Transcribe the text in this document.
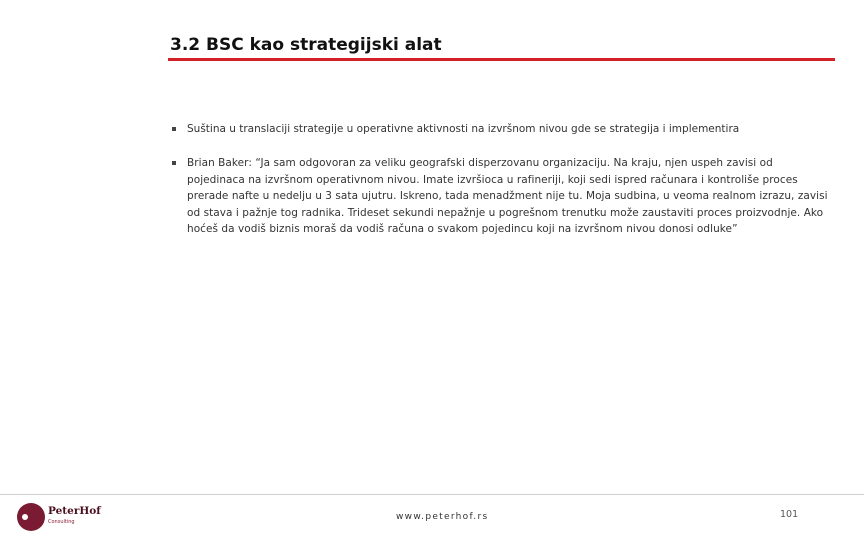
3.2 BSC kao strategijski alat
Suština u translaciji strategije u operativne aktivnosti na izvršnom nivou gde se strategija i implementira
Brian Baker: “Ja sam odgovoran za veliku geografski disperzovanu organizaciju. Na kraju, njen uspeh zavisi od pojedinaca na izvršnom operativnom nivou. Imate izvršioca u rafineriji, koji sedi ispred računara i kontroliše proces prerade nafte u nedelju u 3 sata ujutru. Iskreno, tada menadžment nije tu. Moja sudbina, u veoma realnom izrazu, zavisi od stava i pažnje tog radnika. Trideset sekundi nepažnje u pogrešnom trenutku može zaustaviti proces proizvodnje. Ako hoćeš da vodiš biznis moraš da vodiš računa o svakom pojedincu koji na izvršnom nivou donosi odluke”
PeterHof
Consulting	www.peterhof.rs	101
